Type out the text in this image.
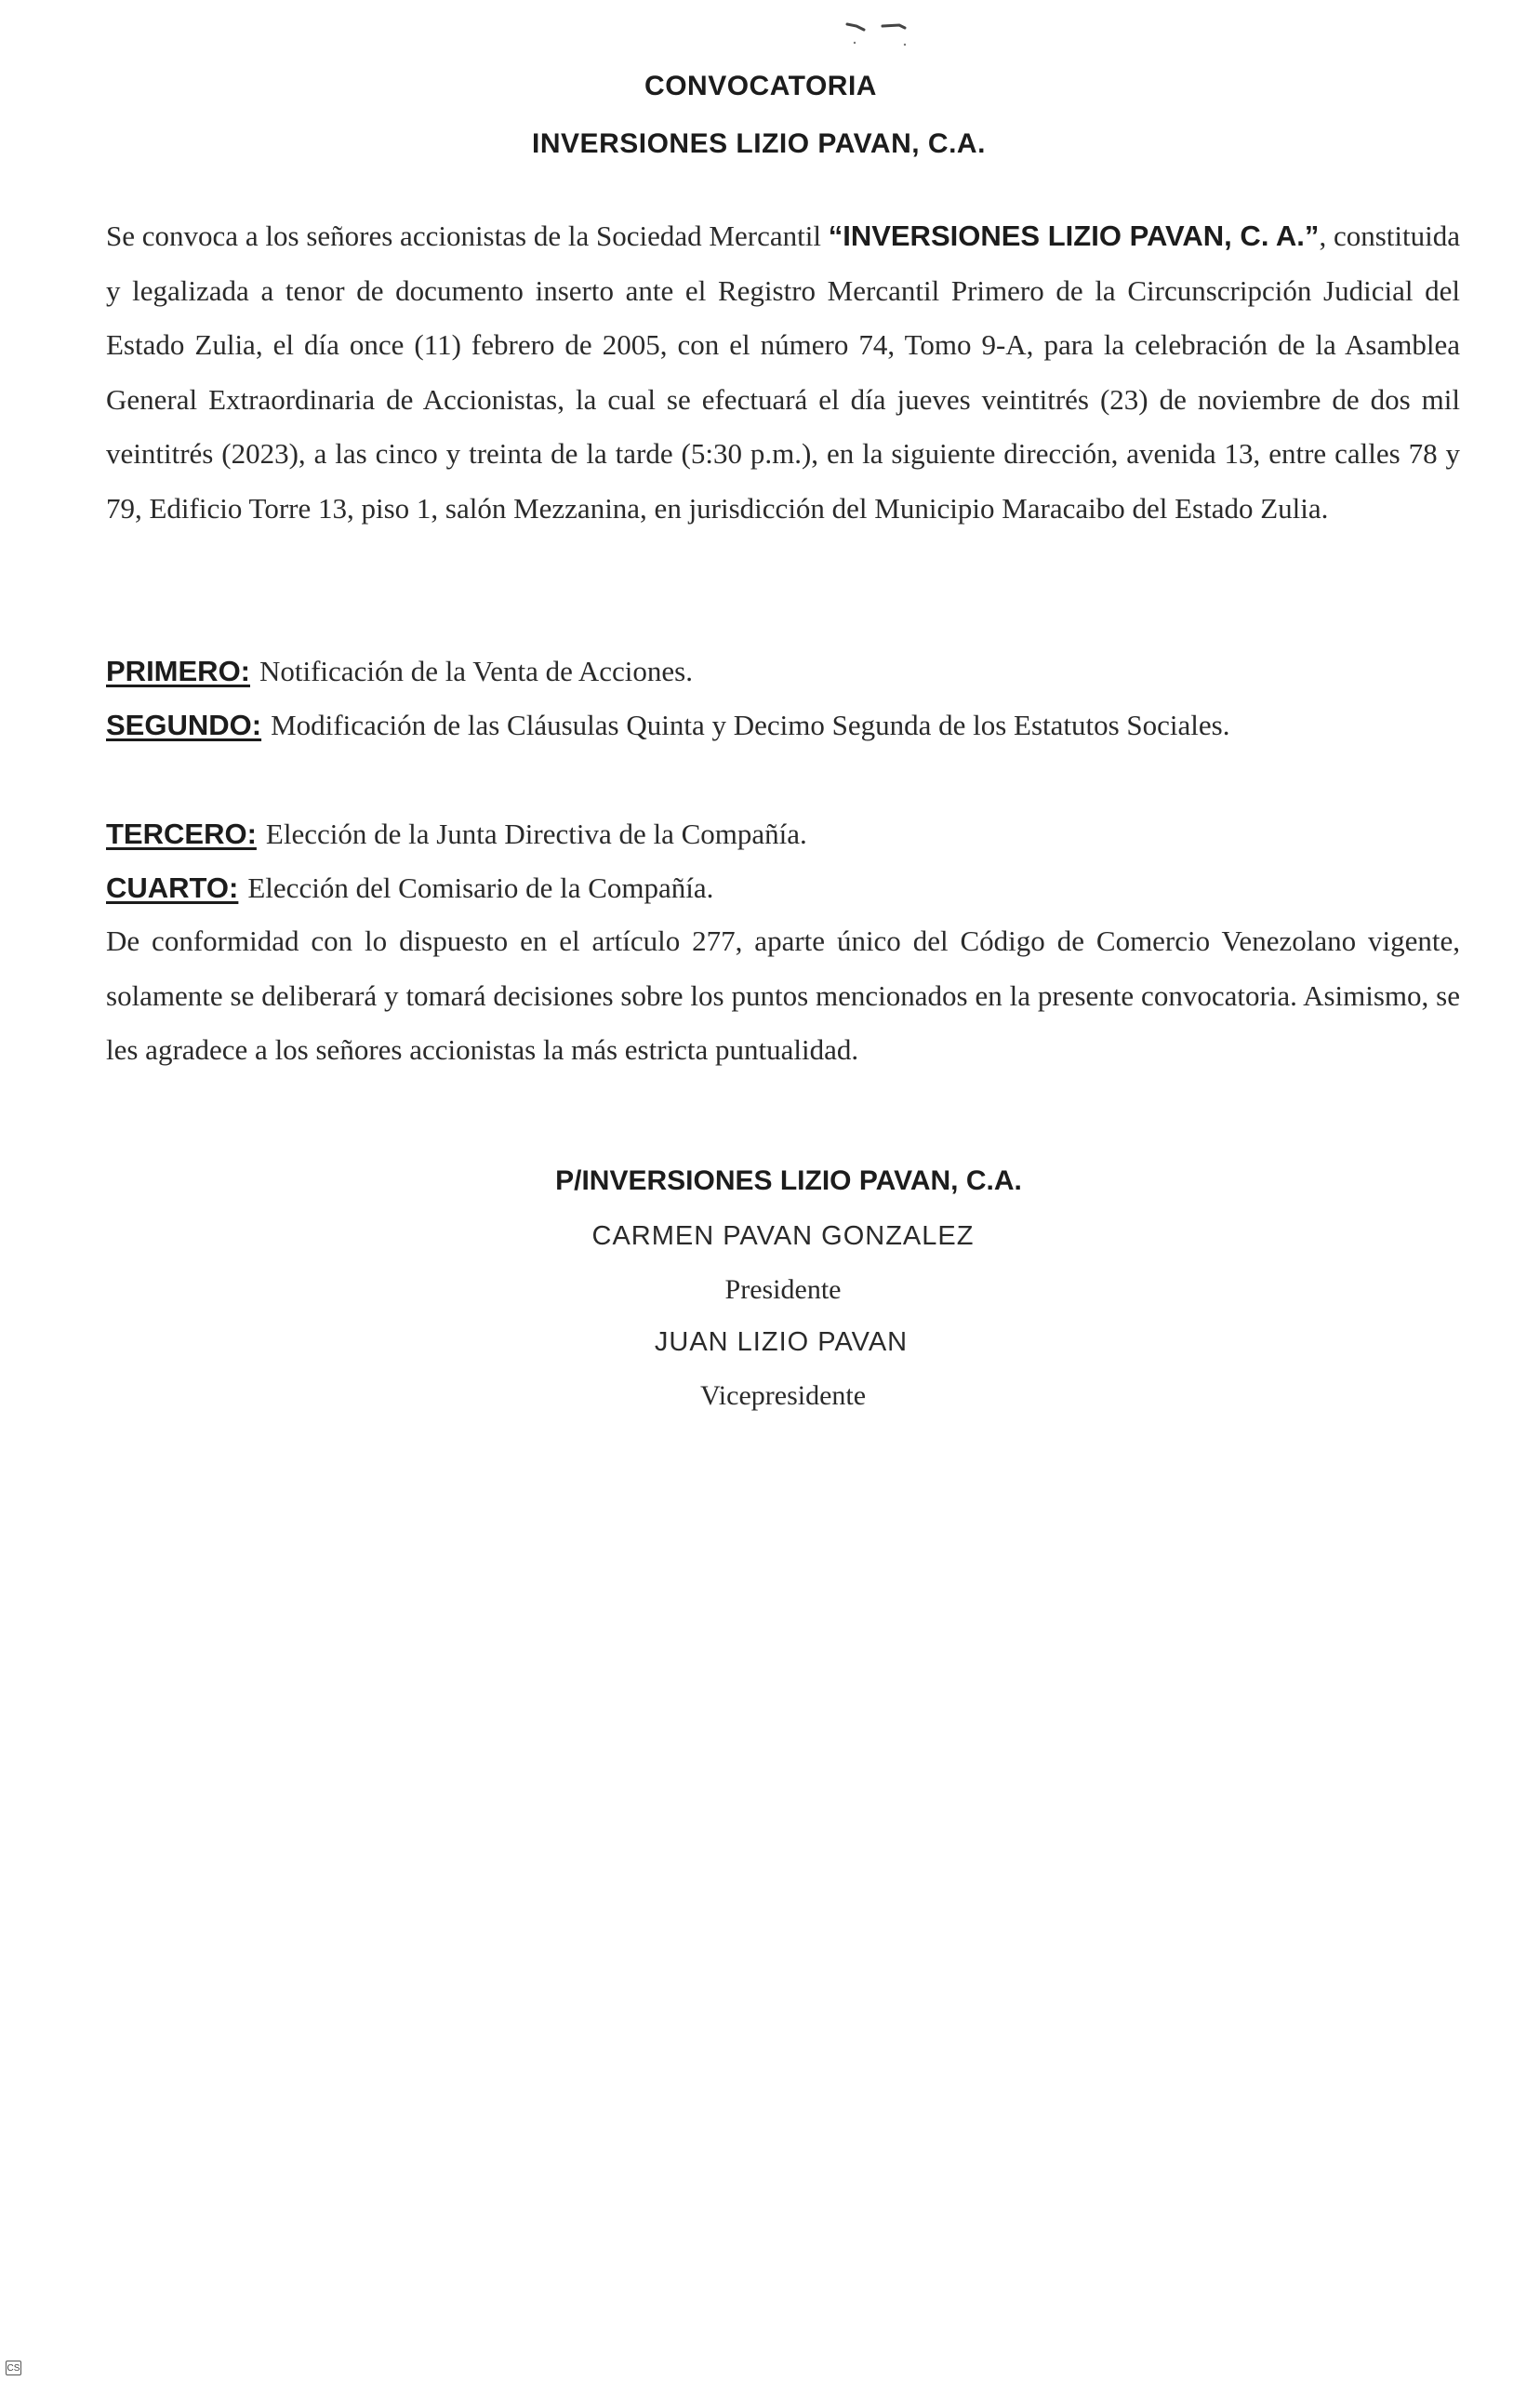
CONVOCATORIA
INVERSIONES LIZIO PAVAN, C.A.
Se convoca a los señores accionistas de la Sociedad Mercantil “INVERSIONES LIZIO PAVAN, C. A.”, constituida y legalizada a tenor de documento inserto ante el Registro Mercantil Primero de la Circunscripción Judicial del Estado Zulia, el día once (11) febrero de 2005, con el número 74, Tomo 9-A, para la celebración de la Asamblea General Extraordinaria de Accionistas, la cual se efectuará el día jueves veintitrés (23) de noviembre de dos mil veintitrés (2023), a las cinco y treinta de la tarde (5:30 p.m.), en la siguiente dirección, avenida 13, entre calles 78 y 79, Edificio Torre 13, piso 1, salón Mezzanina, en jurisdicción del Municipio Maracaibo del Estado Zulia.
PRIMERO: Notificación de la Venta de Acciones.
SEGUNDO: Modificación de las Cláusulas Quinta y Decimo Segunda de los Estatutos Sociales.
TERCERO: Elección de la Junta Directiva de la Compañía.
CUARTO: Elección del Comisario de la Compañía.
De conformidad con lo dispuesto en el artículo 277, aparte único del Código de Comercio Venezolano vigente, solamente se deliberará y tomará decisiones sobre los puntos mencionados en la presente convocatoria. Asimismo, se les agradece a los señores accionistas la más estricta puntualidad.
P/INVERSIONES LIZIO PAVAN, C.A.
CARMEN PAVAN GONZALEZ
Presidente
JUAN LIZIO PAVAN
Vicepresidente
CS
